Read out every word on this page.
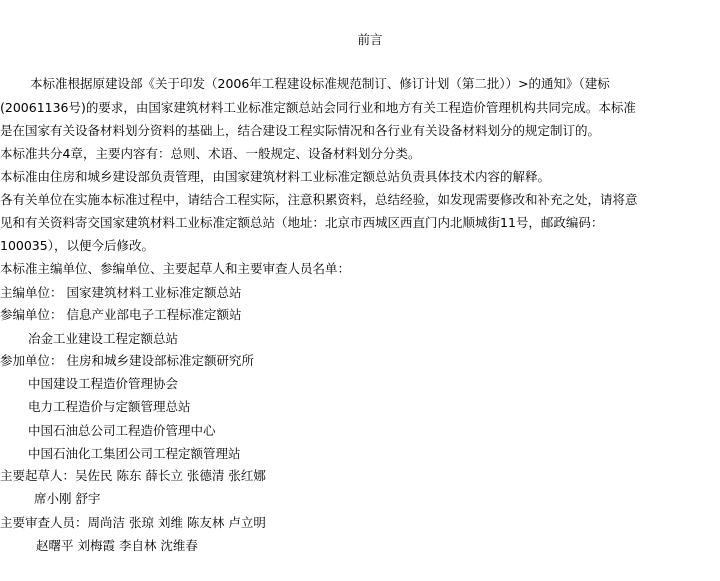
前言
本标准根据原建设部《关于印发（2006年工程建设标准规范制订、修订计划（第二批））>的通知》（建标
(20061136号)的要求，由国家建筑材料工业标准定额总站会同行业和地方有关工程造价管理机构共同完成。本标准
是在国家有关设备材料划分资料的基础上，结合建设工程实际情况和各行业有关设备材料划分的规定制订的。
本标准共分4章，主要内容有：总则、术语、一般规定、设备材料划分分类。
本标准由住房和城乡建设部负责管理，由国家建筑材料工业标准定额总站负责具体技术内容的解释。
各有关单位在实施本标准过程中，请结合工程实际，注意积累资料，总结经验，如发现需要修改和补充之处，请将意
见和有关资料寄交国家建筑材料工业标准定额总站（地址：北京市西城区西直门内北顺城街11号，邮政编码：
100035），以便今后修改。
本标准主编单位、参编单位、主要起草人和主要审查人员名单：
主编单位： 国家建筑材料工业标准定额总站
参编单位： 信息产业部电子工程标准定额站
冶金工业建设工程定额总站
参加单位： 住房和城乡建设部标准定额研究所
中国建设工程造价管理协会
电力工程造价与定额管理总站
中国石油总公司工程造价管理中心
中国石油化工集团公司工程定额管理站
主要起草人：吴佐民 陈东 薛长立 张德清 张红娜
席小刚 舒宇
主要审查人员：周尚洁 张琼 刘维 陈友林 卢立明
赵曙平 刘梅霞 李自林 沈维春
